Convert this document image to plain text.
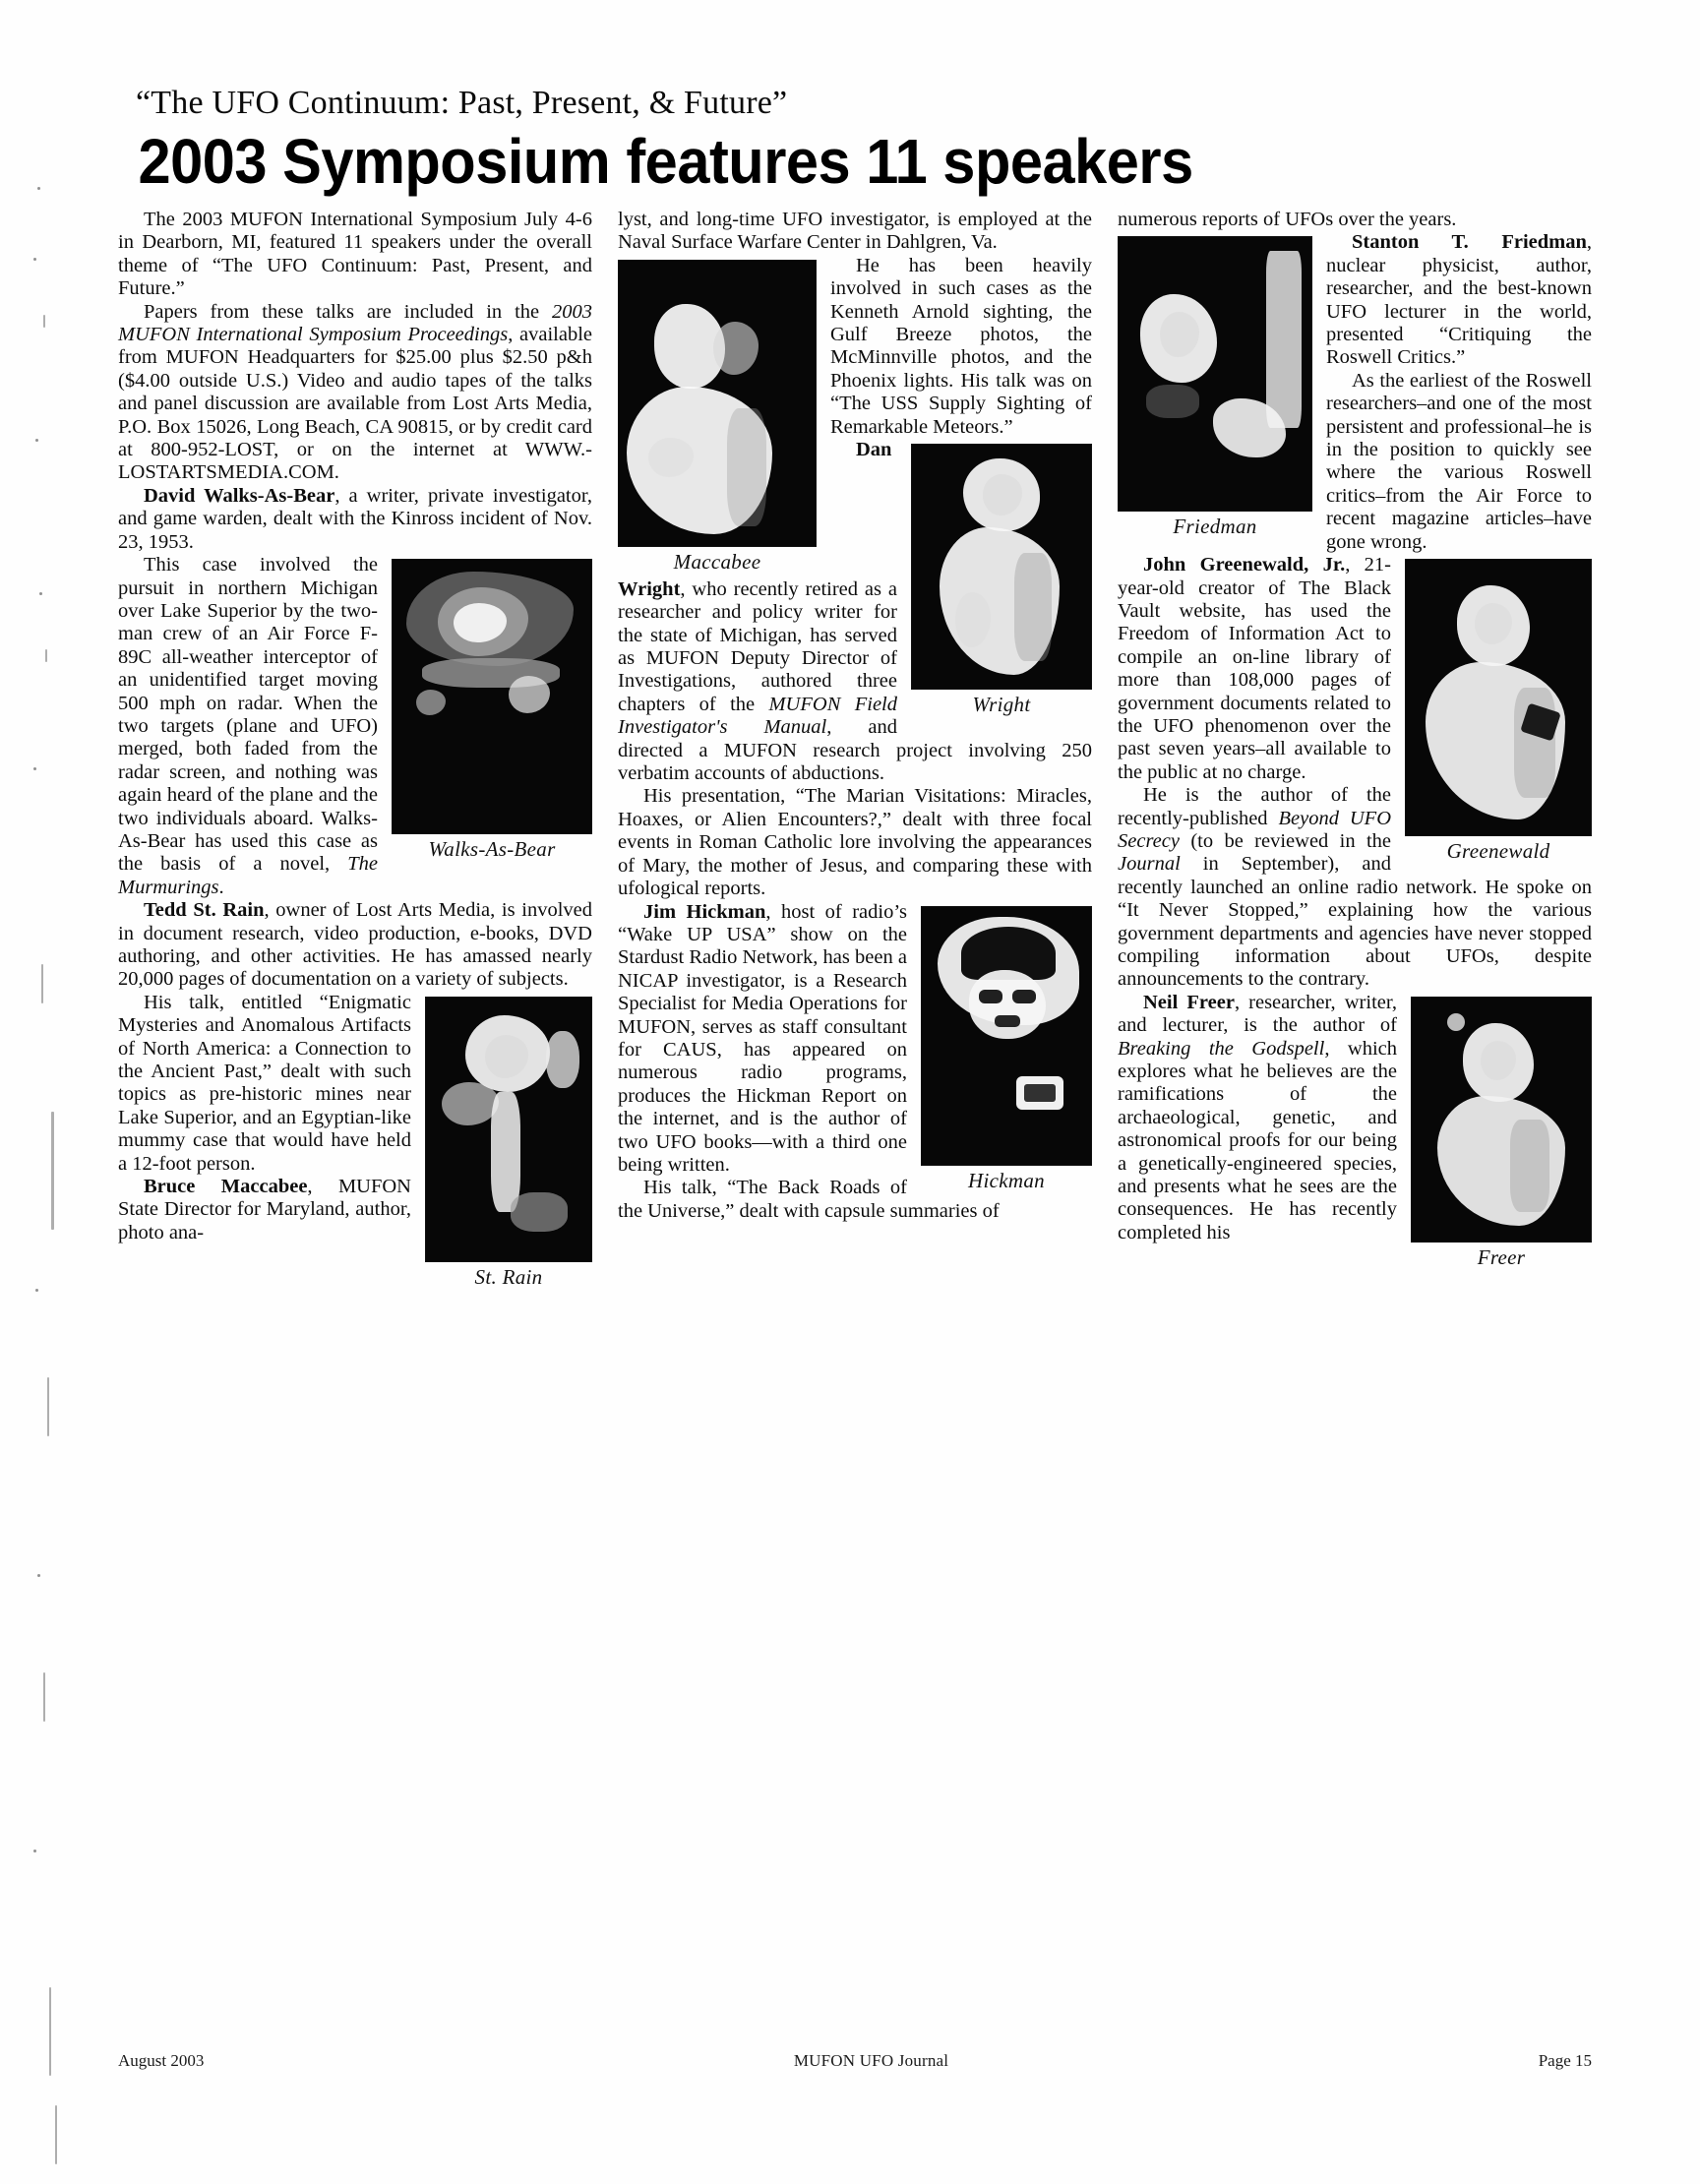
“The UFO Continuum: Past, Present, & Future”
2003 Symposium features 11 speakers

The 2003 MUFON International Symposium July 4-6 in Dearborn, MI, featured 11 speakers under the overall theme of “The UFO Continuum: Past, Present, and Future.”

Papers from these talks are included in the 2003 MUFON International Symposium Proceedings, available from MUFON Headquarters for $25.00 plus $2.50 p&h ($4.00 outside U.S.) Video and audio tapes of the talks and panel discussion are available from Lost Arts Media, P.O. Box 15026, Long Beach, CA 90815, or by credit card at 800-952-LOST, or on the internet at WWW.-LOSTARTSMEDIA.COM.

David Walks-As-Bear, a writer, private investigator, and game warden, dealt with the Kinross incident of Nov. 23, 1953.

Walks-As-Bear

This case involved the pursuit in northern Michigan over Lake Superior by the two-man crew of an Air Force F-89C all-weather interceptor of an unidentified target moving 500 mph on radar. When the two targets (plane and UFO) merged, both faded from the radar screen, and nothing was again heard of the plane and the two individuals aboard. Walks-As-Bear has used this case as the basis of a novel, The Murmurings.

Tedd St. Rain, owner of Lost Arts Media, is involved in document research, video production, e-books, DVD authoring, and other activities. He has amassed nearly 20,000 pages of documentation on a variety of subjects.

St. Rain

His talk, entitled “Enigmatic Mysteries and Anomalous Artifacts of North America: a Connection to the Ancient Past,” dealt with such topics as pre-historic mines near Lake Superior, and an Egyptian-like mummy case that would have held a 12-foot person.

Bruce Maccabee, MUFON State Director for Maryland, author, photo ana-

lyst, and long-time UFO investigator, is employed at the Naval Surface Warfare Center in Dahlgren, Va.

Maccabee

He has been heavily involved in such cases as the Kenneth Arnold sighting, the Gulf Breeze photos, the McMinnville photos, and the Phoenix lights. His talk was on “The USS Supply Sighting of Remarkable Meteors.”

Wright

Dan Wright, who recently retired as a researcher and policy writer for the state of Michigan, has served as MUFON Deputy Director of Investigations, authored three chapters of the MUFON Field Investigator's Manual, and directed a MUFON research project involving 250 verbatim accounts of abductions.

His presentation, “The Marian Visitations: Miracles, Hoaxes, or Alien Encounters?,” dealt with three focal events in Roman Catholic lore involving the appearances of Mary, the mother of Jesus, and comparing these with ufological reports.

Hickman

Jim Hickman, host of radio’s “Wake UP USA” show on the Stardust Radio Network, has been a NICAP investigator, is a Research Specialist for Media Operations for MUFON, serves as staff consultant for CAUS, has appeared on numerous radio programs, produces the Hickman Report on the internet, and is the author of two UFO books—with a third one being written.

His talk, “The Back Roads of the Universe,” dealt with capsule summaries of

numerous reports of UFOs over the years.

Friedman

Stanton T. Friedman, nuclear physicist, author, researcher, and the best-known UFO lecturer in the world, presented “Critiquing the Roswell Critics.”

As the earliest of the Roswell researchers–and one of the most persistent and professional–he is in the position to quickly see where the various Roswell critics–from the Air Force to recent magazine articles–have gone wrong.

Greenewald

John Greenewald, Jr., 21-year-old creator of The Black Vault website, has used the Freedom of Information Act to compile an on-line library of more than 108,000 pages of government documents related to the UFO phenomenon over the past seven years–all available to the public at no charge.

He is the author of the recently-published Beyond UFO Secrecy (to be reviewed in the Journal in September), and recently launched an online radio network. He spoke on “It Never Stopped,” explaining how the various government departments and agencies have never stopped compiling information about UFOs, despite announcements to the contrary.

Freer

Neil Freer, researcher, writer, and lecturer, is the author of Breaking the Godspell, which explores what he believes are the ramifications of the archaeological, genetic, and astronomical proofs for our being a genetically-engineered species, and presents what he sees are the consequences. He has recently completed his

August 2003	MUFON UFO Journal	Page 15
